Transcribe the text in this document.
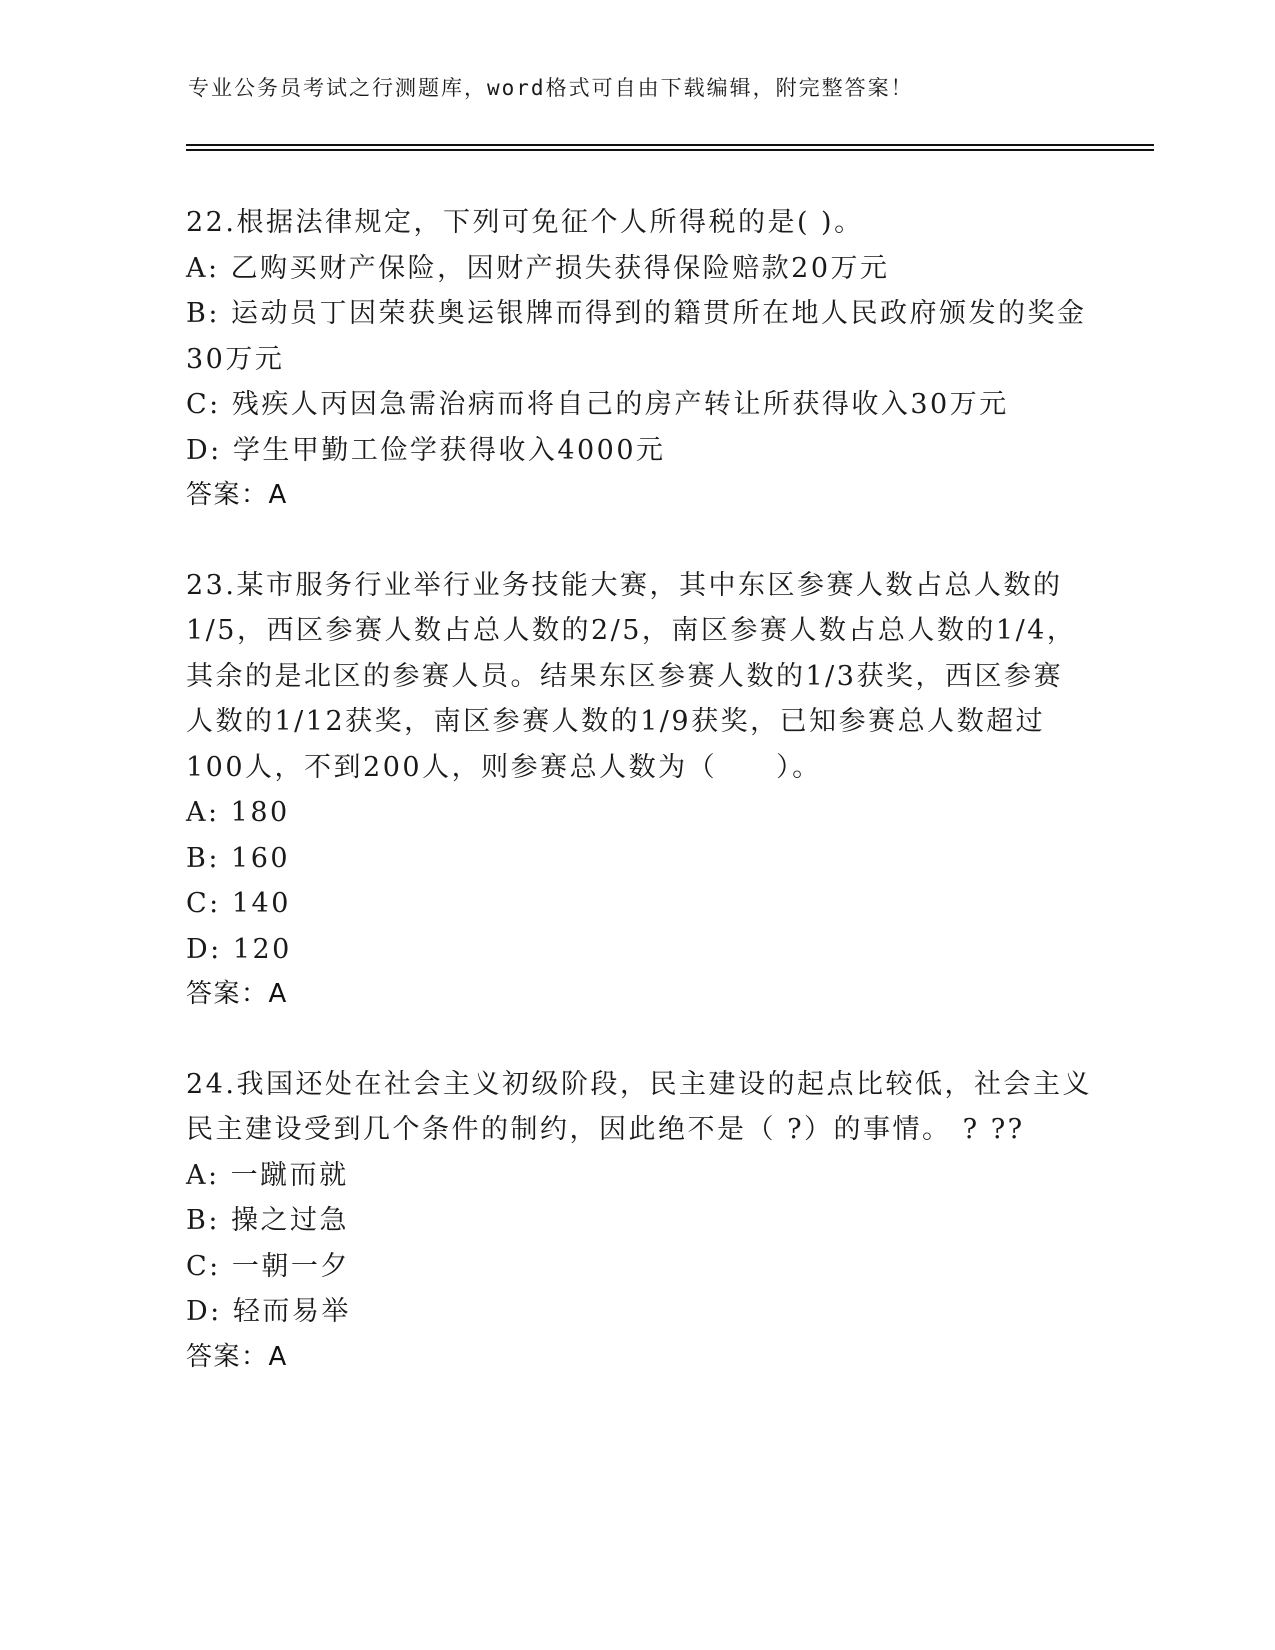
专业公务员考试之行测题库，word格式可自由下载编辑，附完整答案！
22.根据法律规定，下列可免征个人所得税的是( )。
A: 乙购买财产保险，因财产损失获得保险赔款20万元
B: 运动员丁因荣获奥运银牌而得到的籍贯所在地人民政府颁发的奖金
30万元
C: 残疾人丙因急需治病而将自己的房产转让所获得收入30万元
D: 学生甲勤工俭学获得收入4000元
答案：A
23.某市服务行业举行业务技能大赛，其中东区参赛人数占总人数的
1/5，西区参赛人数占总人数的2/5，南区参赛人数占总人数的1/4，
其余的是北区的参赛人员。结果东区参赛人数的1/3获奖，西区参赛
人数的1/12获奖，南区参赛人数的1/9获奖，已知参赛总人数超过
100人，不到200人，则参赛总人数为（　　）。
A: 180
B: 160
C: 140
D: 120
答案：A
24.我国还处在社会主义初级阶段，民主建设的起点比较低，社会主义
民主建设受到几个条件的制约，因此绝不是（ ?）的事情。 ? ??
A: 一蹴而就
B: 操之过急
C: 一朝一夕
D: 轻而易举
答案：A
